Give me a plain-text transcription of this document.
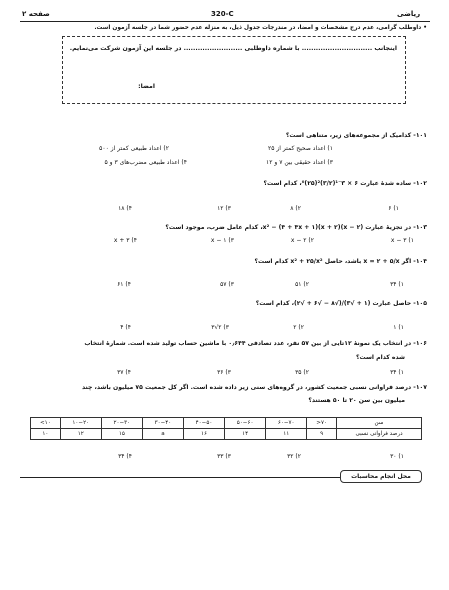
صفحه ۲	320-C	ریاضی
• داوطلب گرامی، عدم درج مشخصات و امضا، در مندرجات جدول ذیل، به منزله عدم حضور شما در جلسه آزمون است.
اینجانب .............................. با شماره داوطلبی ......................... در جلسه این آزمون شرکت می‌نمایم.
امضا:
۱۰۱- کدامیک از مجموعه‌های زیر، متناهی است؟
۱) اعداد صحیح کمتر از ۲۵
۲) اعداد طبیعی کمتر از ۵۰۰
۳) اعداد حقیقی بین ۷ و ۱۲
۴) اعداد طبیعی مضرب‌های ۳ و ۵
۱۰۲- ساده شدهٔ عبارت ۶ × ۳⁻¹(۳/۲)²(۲۵)⁰، کدام است؟
۱) ۶
۲) ۸
۳) ۱۲
۴) ۱۸
۱۰۳- در تجزیهٔ عبارت (x − ۲)(x + ۲)x² − (۴ + ۴x + ۱)، کدام عامل ضرب، موجود است؟
۱) x − ۳
۲) x − ۲
۳) x − ۱
۴) x + ۳
۱۰۴- اگر x = ۲ + ۵/x باشد، حاصل x² + ۲۵/x² کدام است؟
۱) ۳۴
۲) ۵۱
۳) ۵۷
۴) ۶۱
۱۰۵- حاصل عبارت (۱ + √۳)/(√۸ − √۶ + √۲)، کدام است؟
۱) ۱
۲) ۲
۳) ۲√۳
۴) ۴
۱۰۶- در انتخاب یک نمونهٔ ۱۲تایی از بین ۵۷ نفر، عدد تصادفی ۰٫۶۴۴ با ماشین حساب تولید شده است. شمارهٔ انتخاب
شده کدام است؟
۱) ۳۴
۲) ۳۵
۳) ۳۶
۴) ۳۷
۱۰۷- درصد فراوانی نسبی جمعیت کشور، در گروه‌های سنی زیر داده شده است. اگر کل جمعیت ۷۵ میلیون باشد، چند
میلیون بین سن ۲۰ تا ۵۰ هستند؟
<۱۰	۱۰−۲۰	۲۰−۳۰	۳۰−۴۰	۴۰−۵۰	۵۰−۶۰	۶۰−۷۰	>۷۰	سن
۱۰	۱۲	۱۵	a	۱۶	۱۴	۱۱	۹	درصد فراوانی نسبی
۱) ۳۰
۲) ۳۲
۳) ۳۳
۴) ۳۴
محل انجام محاسبات
